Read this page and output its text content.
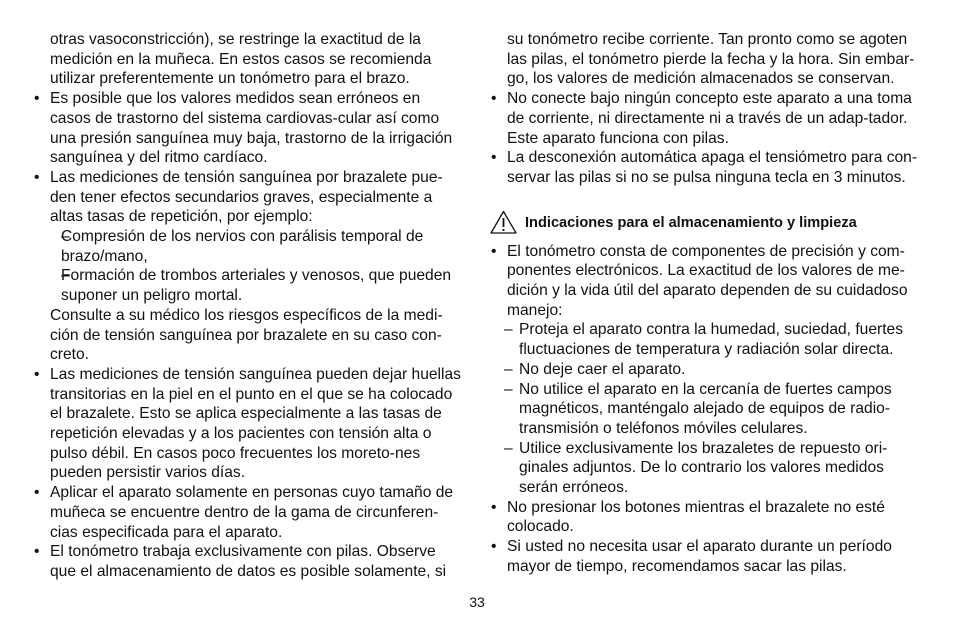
otras vasoconstricción), se restringe la exactitud de la medición en la muñeca. En estos casos se recomienda utilizar preferentemente un tonómetro para el brazo.

• Es posible que los valores medidos sean erróneos en casos de trastorno del sistema cardiovas-cular así como una presión sanguínea muy baja, trastorno de la irrigación sanguínea y del ritmo cardíaco.

• Las mediciones de tensión sanguínea por brazalete pue-den tener efectos secundarios graves, especialmente a altas tasas de repetición, por ejemplo:

– Compresión de los nervios con parálisis temporal de brazo/mano,

– Formación de trombos arteriales y venosos, que pueden suponer un peligro mortal.

Consulte a su médico los riesgos específicos de la medi-ción de tensión sanguínea por brazalete en su caso con-creto.

• Las mediciones de tensión sanguínea pueden dejar huellas transitorias en la piel en el punto en el que se ha colocado el brazalete. Esto se aplica especialmente a las tasas de repetición elevadas y a los pacientes con tensión alta o pulso débil. En casos poco frecuentes los moreto-nes pueden persistir varios días.

• Aplicar el aparato solamente en personas cuyo tamaño de muñeca se encuentre dentro de la gama de circunferen-cias especificada para el aparato.

• El tonómetro trabaja exclusivamente con pilas. Observe que el almacenamiento de datos es posible solamente, si

su tonómetro recibe corriente. Tan pronto como se agoten las pilas, el tonómetro pierde la fecha y la hora. Sin embar-go, los valores de medición almacenados se conservan.

• No conecte bajo ningún concepto este aparato a una toma de corriente, ni directamente ni a través de un adap-tador. Este aparato funciona con pilas.

• La desconexión automática apaga el tensiómetro para con-servar las pilas si no se pulsa ninguna tecla en 3 minutos.

Indicaciones para el almacenamiento y limpieza

• El tonómetro consta de componentes de precisión y com-ponentes electrónicos. La exactitud de los valores de me-dición y la vida útil del aparato dependen de su cuidadoso manejo:

– Proteja el aparato contra la humedad, suciedad, fuertes fluctuaciones de temperatura y radiación solar directa.

– No deje caer el aparato.

– No utilice el aparato en la cercanía de fuertes campos magnéticos, manténgalo alejado de equipos de radio-transmisión o teléfonos móviles celulares.

– Utilice exclusivamente los brazaletes de repuesto ori-ginales adjuntos. De lo contrario los valores medidos serán erróneos.

• No presionar los botones mientras el brazalete no esté colocado.

• Si usted no necesita usar el aparato durante un período mayor de tiempo, recomendamos sacar las pilas.

33
